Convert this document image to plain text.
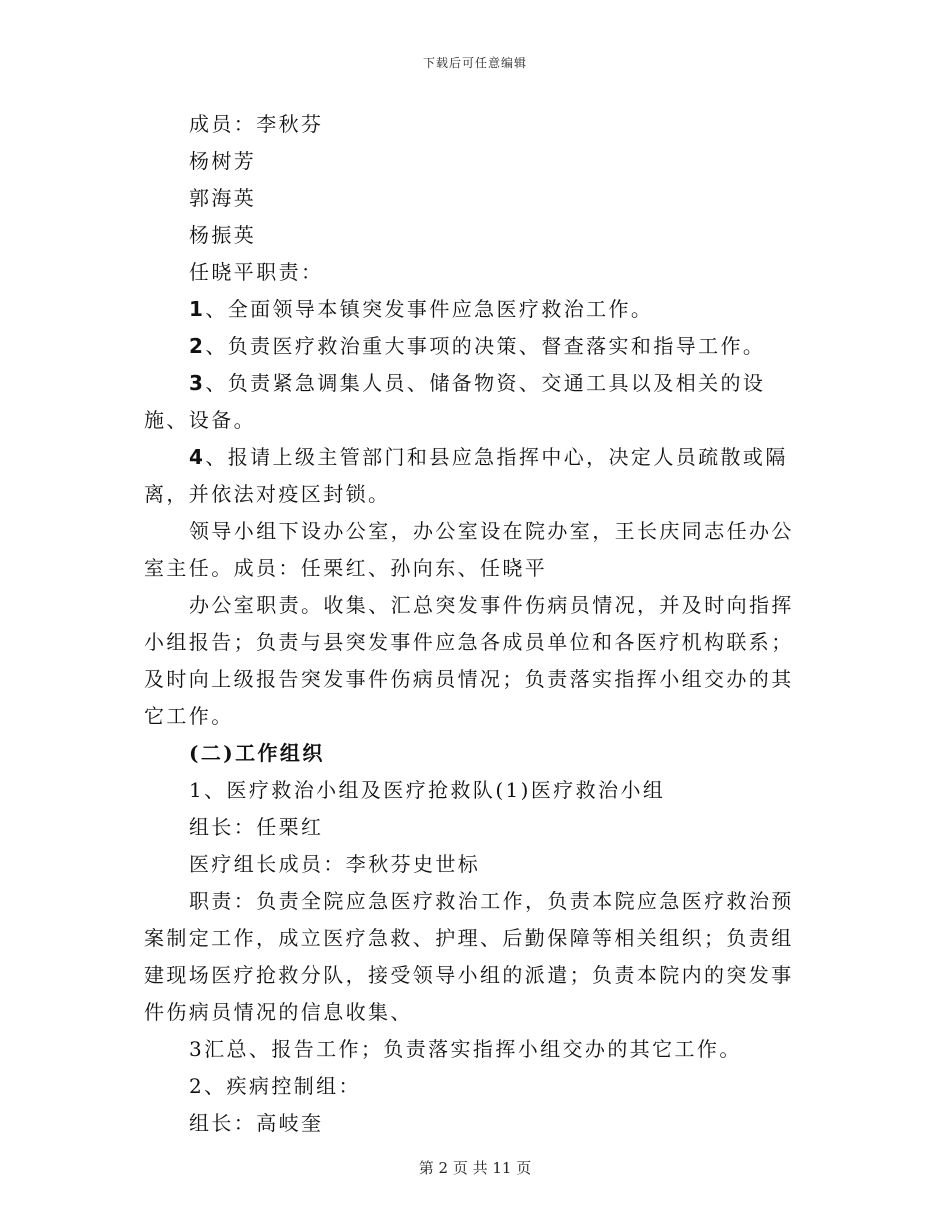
下载后可任意编辑

成员：李秋芬

杨树芳

郭海英

杨振英

任晓平职责：

1、全面领导本镇突发事件应急医疗救治工作。

2、负责医疗救治重大事项的决策、督查落实和指导工作。

3、负责紧急调集人员、储备物资、交通工具以及相关的设施、设备。

4、报请上级主管部门和县应急指挥中心，决定人员疏散或隔离，并依法对疫区封锁。

领导小组下设办公室，办公室设在院办室，王长庆同志任办公室主任。成员：任栗红、孙向东、任晓平

办公室职责。收集、汇总突发事件伤病员情况，并及时向指挥小组报告；负责与县突发事件应急各成员单位和各医疗机构联系；及时向上级报告突发事件伤病员情况；负责落实指挥小组交办的其它工作。

(二)工作组织

1、医疗救治小组及医疗抢救队(1)医疗救治小组

组长：任栗红

医疗组长成员：李秋芬史世标

职责：负责全院应急医疗救治工作，负责本院应急医疗救治预案制定工作，成立医疗急救、护理、后勤保障等相关组织；负责组建现场医疗抢救分队，接受领导小组的派遣；负责本院内的突发事件伤病员情况的信息收集、

3汇总、报告工作；负责落实指挥小组交办的其它工作。

2、疾病控制组：

组长：高岐奎

第 2 页 共 11 页
